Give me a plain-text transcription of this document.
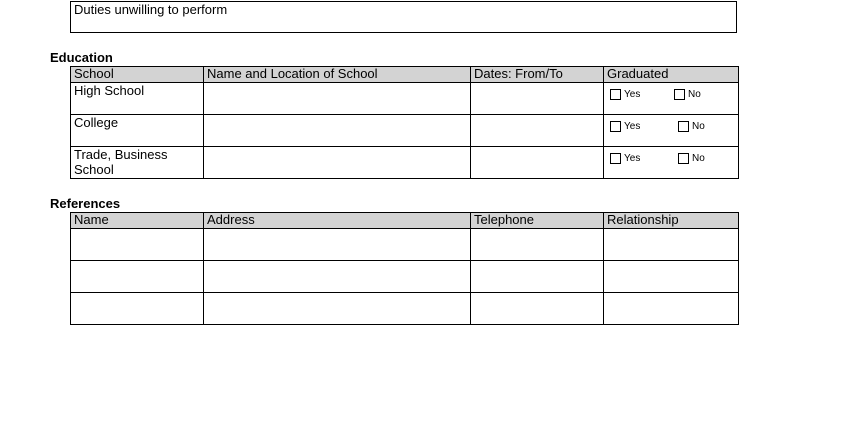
Duties unwilling to perform
Education
School	Name and Location of School	Dates: From/To	Graduated
High School			Yes No

College			Yes No

Trade, Business School			Yes No
References
Name	Address	Telephone	Relationship
